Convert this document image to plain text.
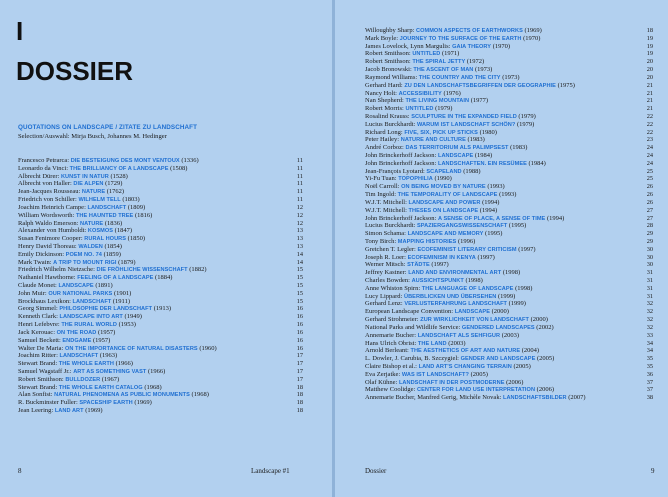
I
DOSSIER
QUOTATIONS ON LANDSCAPE / ZITATE ZU LANDSCHAFT
Selection/Auswahl: Mirja Busch, Johannes M. Hedinger
Francesco Petrarca: DIE BESTEIGUNG DES MONT VENTOUX (1336)	11
Leonardo da Vinci: THE BRILLIANCY OF A LANDSCAPE (1508)	11
Albrecht Dürer: KUNST IN NATUR (1528)	11
Albrecht von Haller: DIE ALPEN (1729)	11
Jean-Jacques Rousseau: NATURE (1762)	11
Friedrich von Schiller: WILHELM TELL (1803)	11
Joachim Heinrich Campe: LANDSCHAFT (1809)	12
William Wordsworth: THE HAUNTED TREE (1816)	12
Ralph Waldo Emerson: NATURE (1836)	12
Alexander von Humboldt: KOSMOS (1847)	13
Susan Fenimore Cooper: RURAL HOURS (1850)	13
Henry David Thoreau: WALDEN (1854)	13
Emily Dickinson: POEM NO. 74 (1859)	14
Mark Twain: A TRIP TO MOUNT RIGI (1879)	14
Friedrich Wilhelm Nietzsche: DIE FRÖHLICHE WISSENSCHAFT (1882)	15
Nathaniel Hawthorne: FEELING OF A LANDSCAPE (1884)	15
Claude Monet: LANDSCAPE (1891)	15
John Muir: OUR NATIONAL PARKS (1901)	15
Brockhaus Lexikon: LANDSCHAFT (1911)	15
Georg Simmel: PHILOSOPHIE DER LANDSCHAFT (1913)	16
Kenneth Clark: LANDSCAPE INTO ART (1949)	16
Henri Lefebvre: THE RURAL WORLD (1953)	16
Jack Kerouac: ON THE ROAD (1957)	16
Samuel Beckett: ENDGAME (1957)	16
Walter De Maria: ON THE IMPORTANCE OF NATURAL DISASTERS (1960)	16
Joachim Ritter: LANDSCHAFT (1963)	17
Stewart Brand: THE WHOLE EARTH (1966)	17
Samuel Wagstaff Jr.: ART AS SOMETHING VAST (1966)	17
Robert Smithson: BULLDOZER (1967)	17
Stewart Brand: THE WHOLE EARTH CATALOG (1968)	18
Alan Sonfist: NATURAL PHENOMENA AS PUBLIC MONUMENTS (1968)	18
R. Buckminster Fuller: SPACESHIP EARTH (1969)	18
Jean Leering: LAND ART (1969)	18
8	Landscape #1	Dossier	9
Willoughby Sharp: COMMON ASPECTS OF EARTHWORKS (1969)	18
Mark Boyle: JOURNEY TO THE SURFACE OF THE EARTH (1970)	19
James Lovelock, Lynn Margulis: GAIA THEORY (1970)	19
Robert Smithson: UNTITLED (1971)	19
Robert Smithson: THE SPIRAL JETTY (1972)	20
Jacob Bronowski: THE ASCENT OF MAN (1973)	20
Raymond Williams: THE COUNTRY AND THE CITY (1973)	20
Gerhard Hard: ZU DEN LANDSCHAFTSBEGRIFFEN DER GEOGRAPHIE (1975)	21
Nancy Holt: ACCESSIBILITY (1976)	21
Nan Shepherd: THE LIVING MOUNTAIN (1977)	21
Robert Morris: UNTITLED (1979)	21
Rosalind Krauss: SCULPTURE IN THE EXPANDED FIELD (1979)	22
Lucius Burckhardt: WARUM IST LANDSCHAFT SCHÖN? (1979)	22
Richard Long: FIVE, SIX, PICK UP STICKS (1980)	22
Peter Hailey: NATURE AND CULTURE (1983)	23
André Corboz: DAS TERRITORIUM ALS PALIMPSEST (1983)	24
John Brinckerhoff Jackson: LANDSCAPE (1984)	24
John Brinckerhoff Jackson: LANDSCHAFTEN. EIN RESÜMEE (1984)	24
Jean-François Lyotard: SCAPELAND (1988)	25
Yi-Fu Tuan: TOPOPHILIA (1990)	25
Noël Carroll: ON BEING MOVED BY NATURE (1993)	26
Tim Ingold: THE TEMPORALITY OF LANDSCAPE (1993)	26
W.J.T. Mitchell: LANDSCAPE AND POWER (1994)	26
W.J.T. Mitchell: THESES ON LANDSCAPE (1994)	27
John Brinckerhoff Jackson: A SENSE OF PLACE, A SENSE OF TIME (1994)	27
Lucius Burckhardt: SPAZIERGANGSWISSENSCHAFT (1995)	28
Simon Schama: LANDSCAPE AND MEMORY (1995)	29
Tony Birch: MAPPING HISTORIES (1996)	29
Gretchen T. Legler: ECOFEMINIST LITERARY CRITICISM (1997)	30
Joseph R. Loer: ECOFEMINISM IN KENYA (1997)	30
Werner Mitsch: STÄDTE (1997)	30
Jeffrey Kastner: LAND AND ENVIRONMENTAL ART (1998)	31
Charles Bowden: AUSSICHTSPUNKT (1998)	31
Anne Whiston Spirn: THE LANGUAGE OF LANDSCAPE (1998)	31
Lucy Lippard: ÜBERBLICKEN UND ÜBERSEHEN (1999)	31
Gerhard Lenz: VERLUSTERFAHRUNG LANDSCHAFT (1999)	32
European Landscape Convention: LANDSCAPE (2000)	32
Gerhard Strohmeier: ZUR WIRKLICHKEIT VON LANDSCHAFT (2000)	32
National Parks and Wildlife Service: GENDERED LANDSCAPES (2002)	32
Annemarie Bucher: LANDSCHAFT ALS SEHFIGUR (2003)	33
Hans Ulrich Obrist: THE LAND (2003)	34
Arnold Berleant: THE AESTHETICS OF ART AND NATURE (2004)	34
L. Dowler, J. Carubia, B. Szczygiel: GENDER AND LANDSCAPE (2005)	35
Claire Bishop et al.: LAND ART'S CHANGING TERRAIN (2005)	35
Eva Zerjatke: WAS IST LANDSCHAFT? (2005)	36
Olaf Kühne: LANDSCHAFT IN DER POSTMODERNE (2006)	37
Matthew Coolidge: CENTER FOR LAND USE INTERPRETATION (2006)	37
Annemarie Bucher, Manfred Gerig, Michèle Novak: LANDSCHAFTSBILDER (2007)	38
